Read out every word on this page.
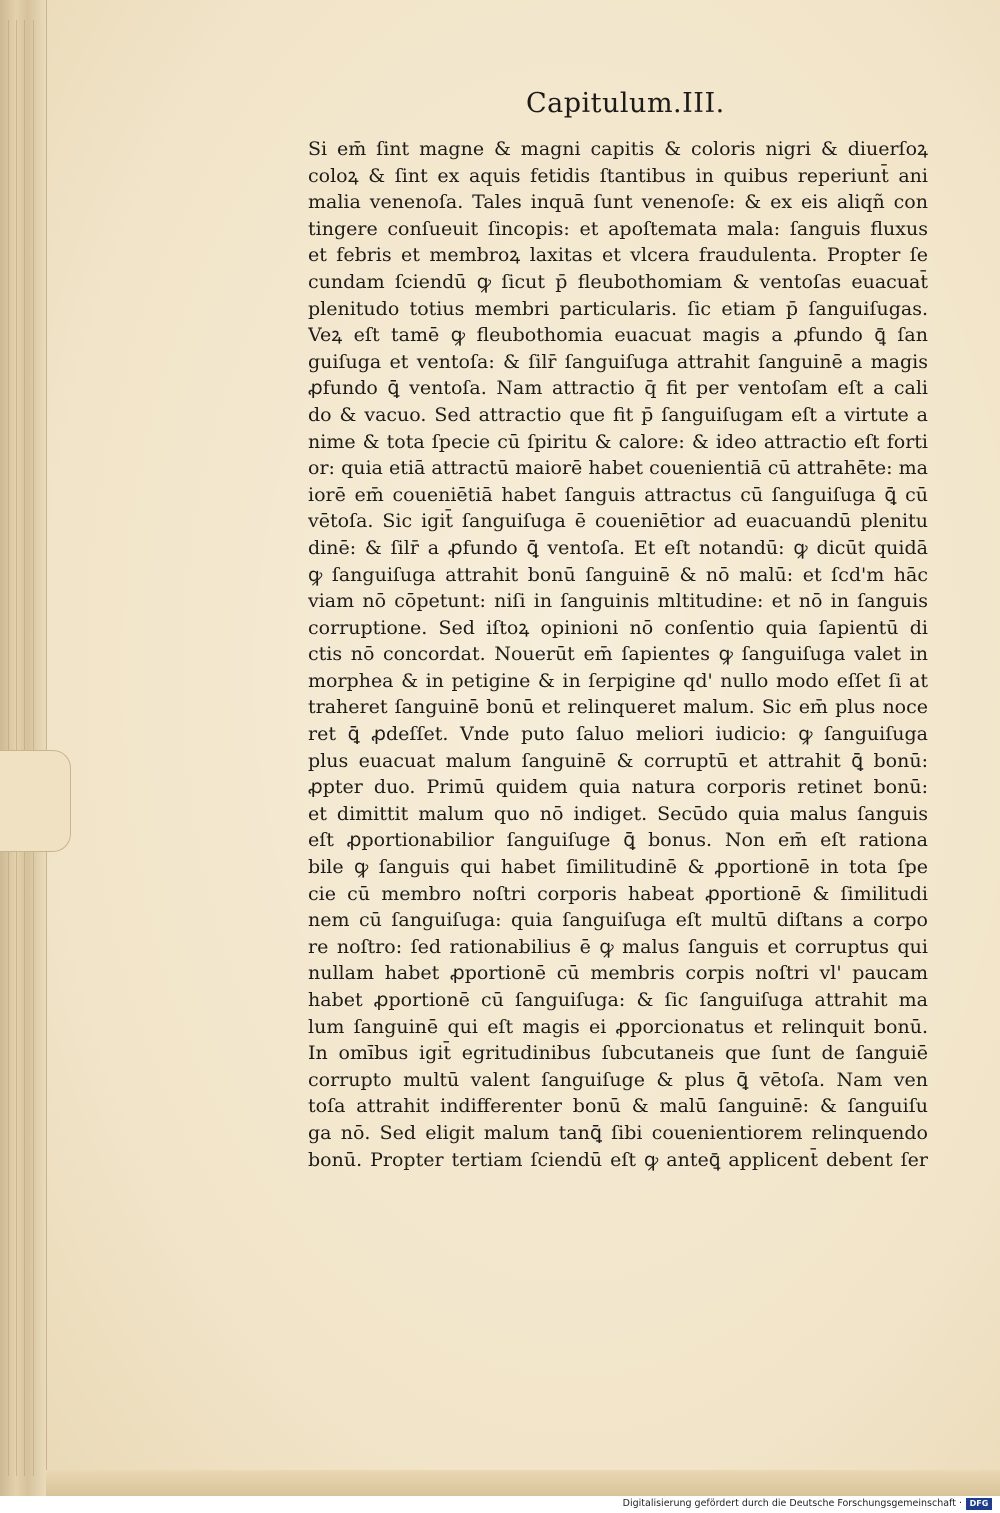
Capitulum.III.
Si em̄ ſint magne & magni capitis & coloris nigri & diuerſoꝝ
coloꝝ & ſint ex aquis fetidis ſtantibus in quibus reperiunt̄ ani
malia venenoſa. Tales inquā ſunt venenoſe: & ex eis aliqñ con
tingere conſueuit ſincopis: et apoſtemata mala: ſanguis fluxus
et febris et membroꝝ laxitas et vlcera fraudulenta. Propter ſe
cundam ſciendū ꝙ ſicut p̄ fleubothomiam & ventoſas euacuat̄
plenitudo totius membri particularis. ſic etiam p̄ ſanguiſugas.
Veꝝ eſt tamē ꝙ fleubothomia euacuat magis a ꝓfundo ꝗ̄ ſan
guiſuga et ventoſa: & ſilr̄ ſanguiſuga attrahit ſanguinē a magis
ꝓfundo ꝗ̄ ventoſa. Nam attractio q̄ fit per ventoſam eſt a cali
do & vacuo. Sed attractio que fit p̄ ſanguiſugam eſt a virtute a
nime & tota ſpecie cū ſpiritu & calore: & ideo attractio eſt forti
or: quia etiā attractū maiorē habet couenientiā cū attrahēte: ma
iorē em̄ coueniētiā habet ſanguis attractus cū ſanguiſuga ꝗ̄ cū
vētoſa. Sic igit̄ ſanguiſuga ē coueniētior ad euacuandū plenitu
dinē: & ſilr̄ a ꝓfundo ꝗ̄ ventoſa. Et eſt notandū: ꝙ dicūt quidā
ꝙ ſanguiſuga attrahit bonū ſanguinē & nō malū: et ſcd'm hāc
viam nō cōpetunt: niſi in ſanguinis mltitudine: et nō in ſanguis
corruptione. Sed iſtoꝝ opinioni nō conſentio quia ſapientū di
ctis nō concordat. Nouerūt em̄ ſapientes ꝙ ſanguiſuga valet in
morphea & in petigine & in ſerpigine qd' nullo modo eſſet ſi at
traheret ſanguinē bonū et relinqueret malum. Sic em̄ plus noce
ret ꝗ̄ ꝓdeſſet. Vnde puto ſaluo meliori iudicio: ꝙ ſanguiſuga
plus euacuat malum ſanguinē & corruptū et attrahit ꝗ̄ bonū:
ꝓpter duo. Primū quidem quia natura corporis retinet bonū:
et dimittit malum quo nō indiget. Secūdo quia malus ſanguis
eſt ꝓportionabilior ſanguiſuge ꝗ̄ bonus. Non em̄ eſt rationa
bile ꝙ ſanguis qui habet ſimilitudinē & ꝓportionē in tota ſpe
cie cū membro noſtri corporis habeat ꝓportionē & ſimilitudi
nem cū ſanguiſuga: quia ſanguiſuga eſt multū diſtans a corpo
re noſtro: ſed rationabilius ē ꝙ malus ſanguis et corruptus qui
nullam habet ꝓportionē cū membris corpis noſtri vl' paucam
habet ꝓportionē cū ſanguiſuga: & ſic ſanguiſuga attrahit ma
lum ſanguinē qui eſt magis ei ꝓporcionatus et relinquit bonū.
In omībus igit̄ egritudinibus ſubcutaneis que ſunt de ſanguiē
corrupto multū valent ſanguiſuge & plus ꝗ̄ vētoſa. Nam ven
toſa attrahit indifferenter bonū & malū ſanguinē: & ſanguiſu
ga nō. Sed eligit malum tanꝗ̄ ſibi couenientiorem relinquendo
bonū. Propter tertiam ſciendū eſt ꝙ anteꝗ̄ applicent̄ debent ſer
Digitalisierung gefördert durch die Deutsche Forschungsgemeinschaft · DFG
